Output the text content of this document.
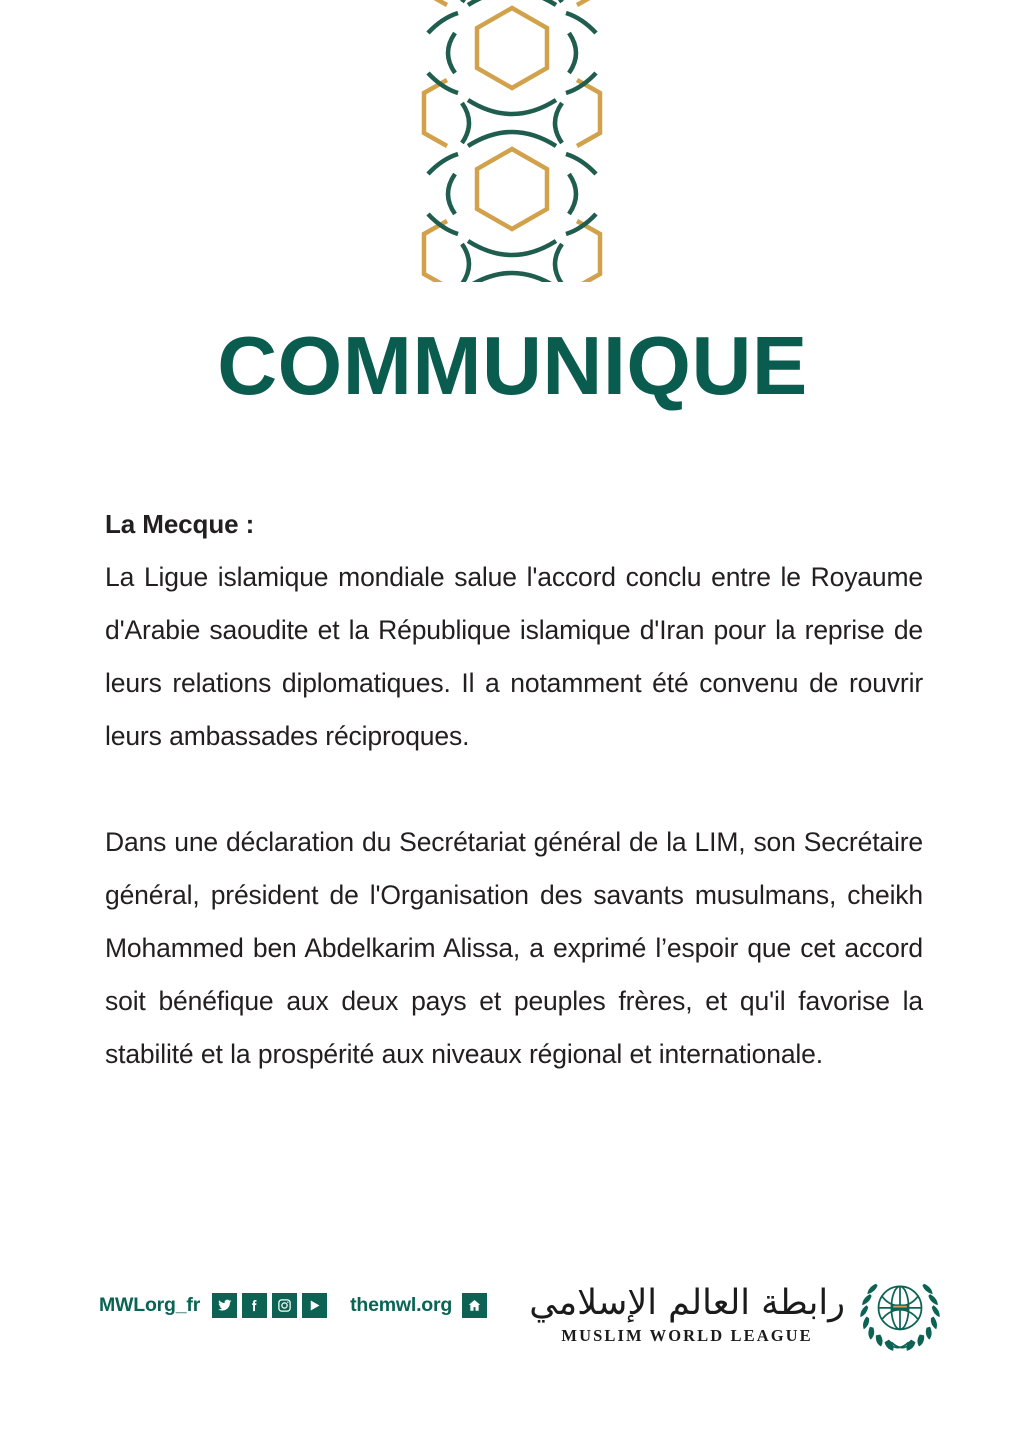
COMMUNIQUE

La Mecque :

La Ligue islamique mondiale salue l'accord conclu entre le Royaume d'Arabie saoudite et la République islamique d'Iran pour la reprise de leurs relations diplomatiques. Il a notamment été convenu de rouvrir leurs ambassades réciproques.

Dans une déclaration du Secrétariat général de la LIM, son Secrétaire général, président de l'Organisation des savants musulmans, cheikh Mohammed ben Abdelkarim Alissa, a exprimé l’espoir que cet accord soit bénéfique aux deux pays et peuples frères, et qu'il favorise la stabilité et la prospérité aux niveaux régional et internationale.

MWLorg_fr	themwl.org رابطة العالم الإسلامي
MUSLIM WORLD LEAGUE
